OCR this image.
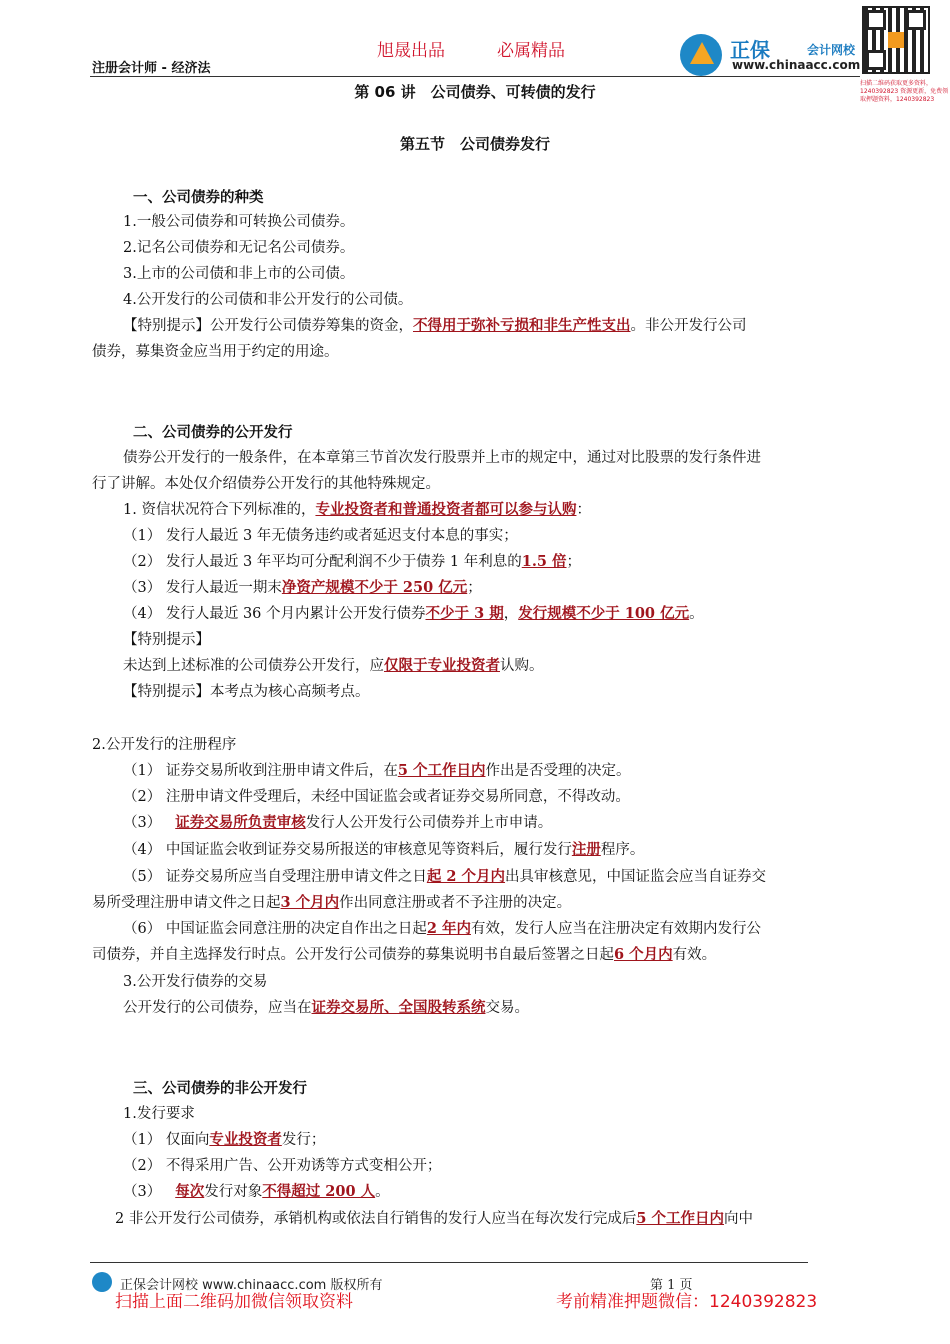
注册会计师 - 经济法
旭晟出品	必属精品	正保	会计网校
www.chinaacc.com
扫描二维码获取更多资料，1240392823 资源更新，免费领取押题资料，1240392823
第 06 讲　公司债券、可转债的发行
第五节　公司债券发行
一、公司债券的种类
1.一般公司债券和可转换公司债券。
2.记名公司债券和无记名公司债券。
3.上市的公司债和非上市的公司债。
4.公开发行的公司债和非公开发行的公司债。
【特别提示】公开发行公司债券筹集的资金，不得用于弥补亏损和非生产性支出。非公开发行公司
债券，募集资金应当用于约定的用途。
二、公司债券的公开发行
债券公开发行的一般条件，在本章第三节首次发行股票并上市的规定中，通过对比股票的发行条件进
行了讲解。本处仅介绍债券公开发行的其他特殊规定。
1. 资信状况符合下列标准的，专业投资者和普通投资者都可以参与认购：
（1） 发行人最近 3 年无债务违约或者延迟支付本息的事实；
（2） 发行人最近 3 年平均可分配利润不少于债券 1 年利息的1.5 倍；
（3） 发行人最近一期末净资产规模不少于 250 亿元；
（4） 发行人最近 36 个月内累计公开发行债券不少于 3 期，发行规模不少于 100 亿元。
【特别提示】
未达到上述标准的公司债券公开发行，应仅限于专业投资者认购。
【特别提示】本考点为核心高频考点。
2.公开发行的注册程序
（1） 证券交易所收到注册申请文件后，在5 个工作日内作出是否受理的决定。
（2） 注册申请文件受理后，未经中国证监会或者证券交易所同意，不得改动。
（3） 证券交易所负责审核发行人公开发行公司债券并上市申请。
（4） 中国证监会收到证券交易所报送的审核意见等资料后，履行发行注册程序。
（5） 证券交易所应当自受理注册申请文件之日起 2 个月内出具审核意见，中国证监会应当自证券交
易所受理注册申请文件之日起3 个月内作出同意注册或者不予注册的决定。
（6） 中国证监会同意注册的决定自作出之日起2 年内有效，发行人应当在注册决定有效期内发行公
司债券，并自主选择发行时点。公开发行公司债券的募集说明书自最后签署之日起6 个月内有效。
3.公开发行债券的交易
公开发行的公司债券，应当在证券交易所、全国股转系统交易。
三、公司债券的非公开发行
1.发行要求
（1） 仅面向专业投资者发行；
（2） 不得采用广告、公开劝诱等方式变相公开；
（3） 每次发行对象不得超过 200 人。
2 非公开发行公司债券，承销机构或依法自行销售的发行人应当在每次发行完成后5 个工作日内向中
正保会计网校 www.chinaacc.com 版权所有	第 1 页
扫描上面二维码加微信领取资料	考前精准押题微信：1240392823
